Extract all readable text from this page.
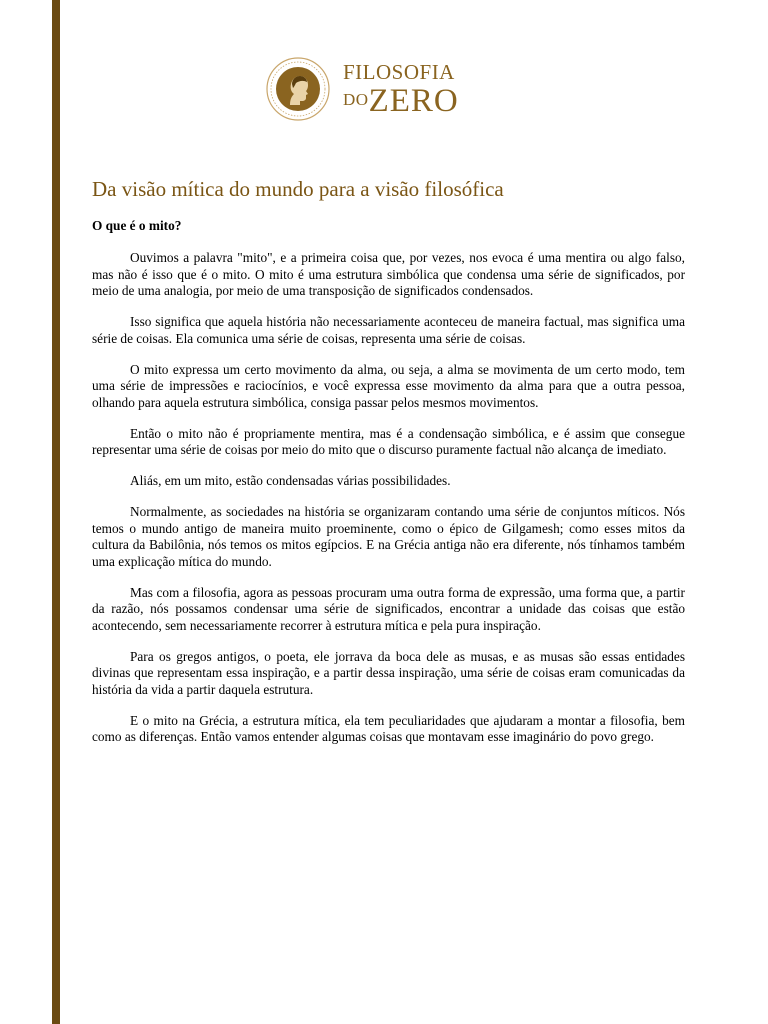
FILOSOFIA
DOZERO
Da visão mítica do mundo para a visão filosófica
O que é o mito?

Ouvimos a palavra "mito", e a primeira coisa que, por vezes, nos evoca é uma mentira ou algo falso, mas não é isso que é o mito. O mito é uma estrutura simbólica que condensa uma série de significados, por meio de uma analogia, por meio de uma transposição de significados condensados.

Isso significa que aquela história não necessariamente aconteceu de maneira factual, mas significa uma série de coisas. Ela comunica uma série de coisas, representa uma série de coisas.

O mito expressa um certo movimento da alma, ou seja, a alma se movimenta de um certo modo, tem uma série de impressões e raciocínios, e você expressa esse movimento da alma para que a outra pessoa, olhando para aquela estrutura simbólica, consiga passar pelos mesmos movimentos.

Então o mito não é propriamente mentira, mas é a condensação simbólica, e é assim que consegue representar uma série de coisas por meio do mito que o discurso puramente factual não alcança de imediato.

Aliás, em um mito, estão condensadas várias possibilidades.

Normalmente, as sociedades na história se organizaram contando uma série de conjuntos míticos. Nós temos o mundo antigo de maneira muito proeminente, como o épico de Gilgamesh; como esses mitos da cultura da Babilônia, nós temos os mitos egípcios. E na Grécia antiga não era diferente, nós tínhamos também uma explicação mítica do mundo.

Mas com a filosofia, agora as pessoas procuram uma outra forma de expressão, uma forma que, a partir da razão, nós possamos condensar uma série de significados, encontrar a unidade das coisas que estão acontecendo, sem necessariamente recorrer à estrutura mítica e pela pura inspiração.

Para os gregos antigos, o poeta, ele jorrava da boca dele as musas, e as musas são essas entidades divinas que representam essa inspiração, e a partir dessa inspiração, uma série de coisas eram comunicadas da história da vida a partir daquela estrutura.

E o mito na Grécia, a estrutura mítica, ela tem peculiaridades que ajudaram a montar a filosofia, bem como as diferenças. Então vamos entender algumas coisas que montavam esse imaginário do povo grego.
